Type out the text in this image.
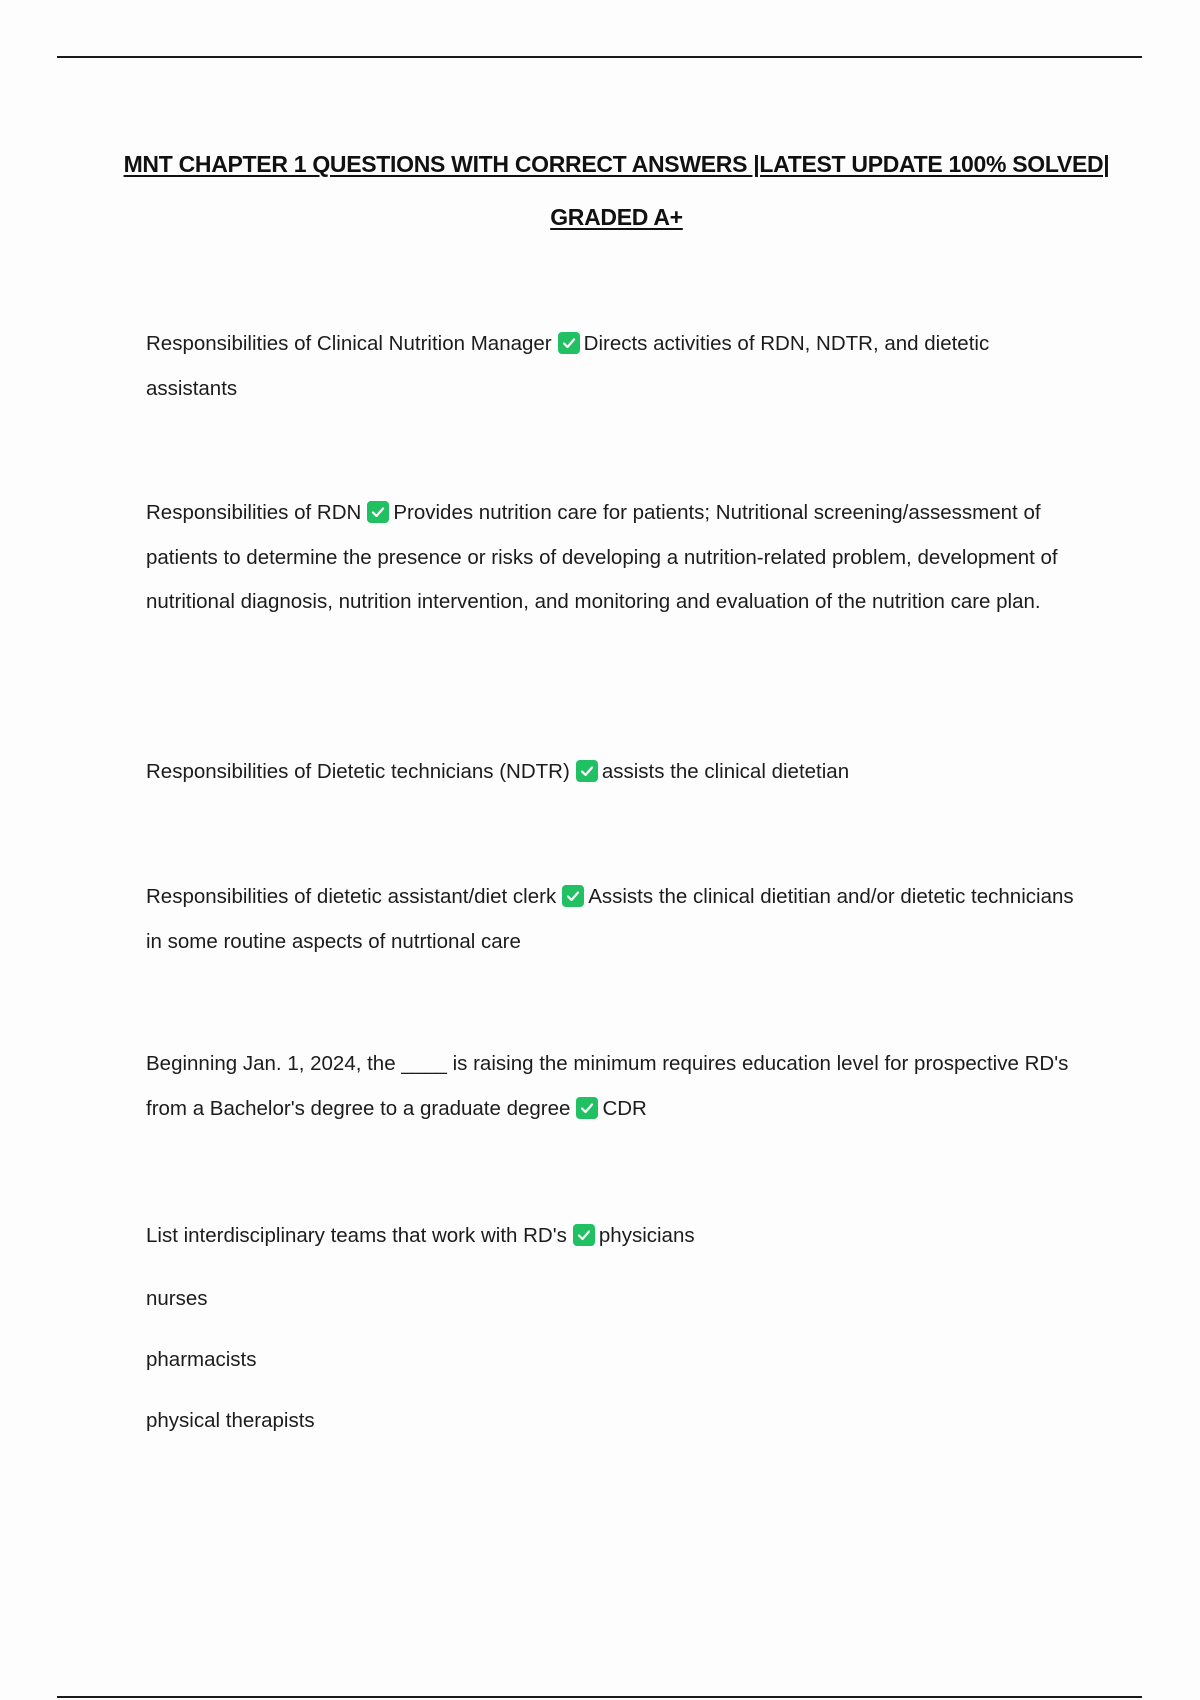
MNT CHAPTER 1 QUESTIONS WITH CORRECT ANSWERS |LATEST UPDATE 100% SOLVED| GRADED A+
Responsibilities of Clinical Nutrition Manager Directs activities of RDN, NDTR, and dietetic assistants
Responsibilities of RDN Provides nutrition care for patients; Nutritional screening/assessment of patients to determine the presence or risks of developing a nutrition-related problem, development of nutritional diagnosis, nutrition intervention, and monitoring and evaluation of the nutrition care plan.
Responsibilities of Dietetic technicians (NDTR) assists the clinical dietetian
Responsibilities of dietetic assistant/diet clerk Assists the clinical dietitian and/or dietetic technicians in some routine aspects of nutrtional care
Beginning Jan. 1, 2024, the ____ is raising the minimum requires education level for prospective RD's from a Bachelor's degree to a graduate degree CDR
List interdisciplinary teams that work with RD's physicians
nurses
pharmacists
physical therapists
